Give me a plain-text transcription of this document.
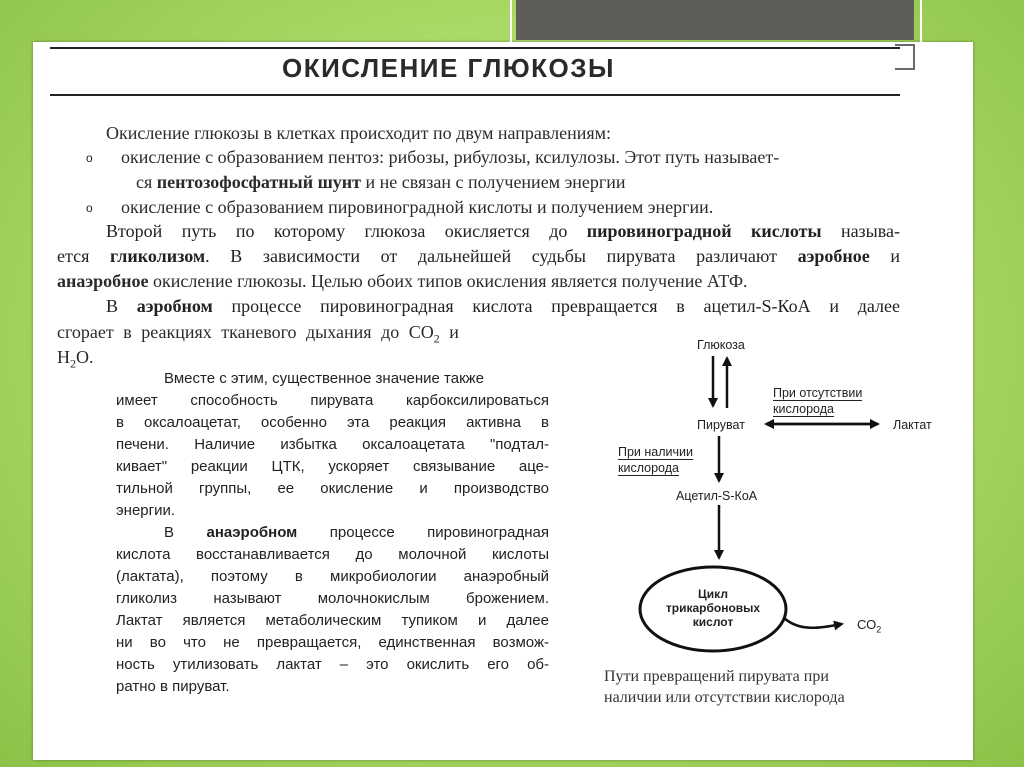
ОКИСЛЕНИЕ ГЛЮКОЗЫ
Окисление глюкозы в клетках происходит по двум направлениям:
o окисление с образованием пентоз: рибозы, рибулозы, ксилулозы. Этот путь называет-
ся пентозофосфатный шунт и не связан с получением энергии
o окисление с образованием пировиноградной кислоты и получением энергии.
Второй путь по которому глюкоза окисляется до пировиноградной кислоты называ-
ется гликолизом. В зависимости от дальнейшей судьбы пирувата различают аэробное и
анаэробное окисление глюкозы. Целью обоих типов окисления является получение АТФ.
В аэробном процессе пировиноградная кислота превращается в ацетил-S-КоА и далее
сгорает в реакциях тканевого дыхания до $СО_2$ и
$Н_2О$.
Вместе с этим, существенное значение также
имеет способность пирувата карбоксилироваться
в оксалоацетат, особенно эта реакция активна в
печени. Наличие избытка оксалоацетата "подтал-
кивает" реакции ЦТК, ускоряет связывание аце-
тильной группы, ее окисление и производство
энергии.
В анаэробном процессе пировиноградная
кислота восстанавливается до молочной кислоты
(лактата), поэтому в микробиологии анаэробный
гликолиз называют молочнокислым брожением.
Лактат является метаболическим тупиком и далее
ни во что не превращается, единственная возмож-
ность утилизовать лактат – это окислить его об-
ратно в пируват.
Глюкоза
Пируват	Лактат
При отсутствии
кислорода
При наличии
кислорода
Ацетил-S-КоА
Цикл
трикарбоновых
кислот	$СО_2$
Пути превращений пирувата при
наличии или отсутствии кислорода
